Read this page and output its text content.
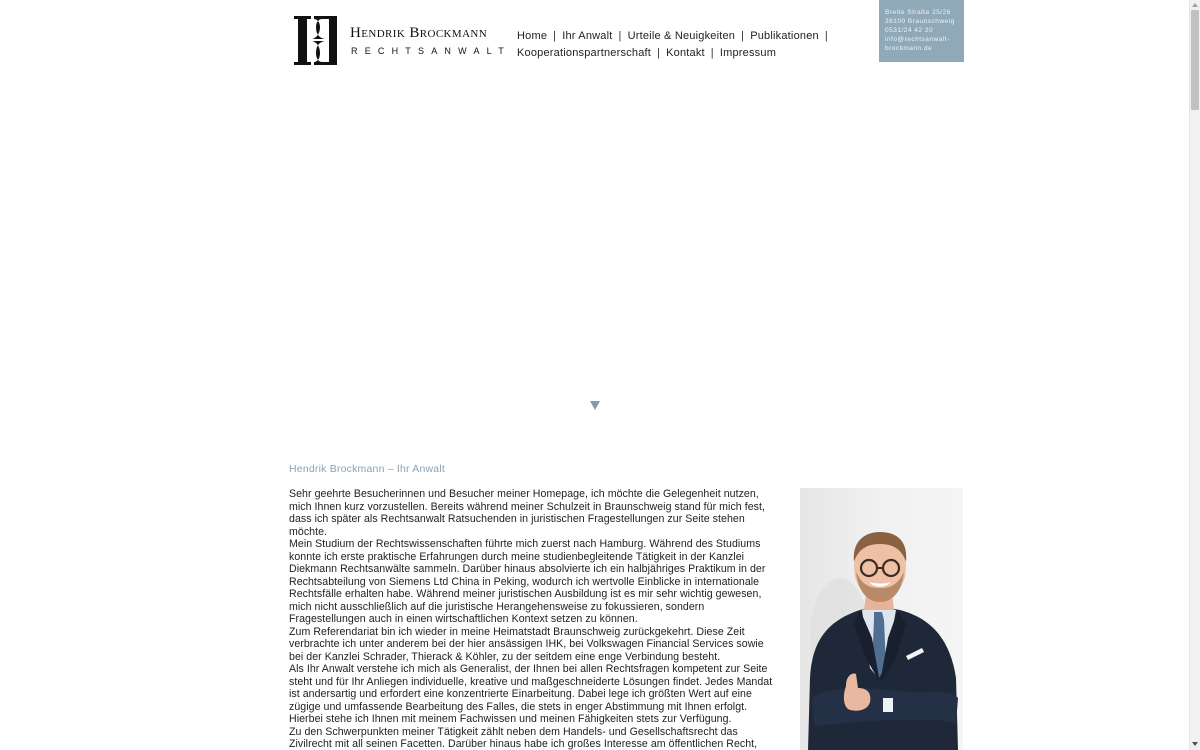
Hendrik Brockmann
RECHTSANWALT
Home | Ihr Anwalt | Urteile & Neuigkeiten | Publikationen |
Kooperationspartnerschaft | Kontakt | Impressum
Breite Straße 25/26
38100 Braunschweig
0531/24 42 20
info@rechtsanwalt-
brockmann.de
Hendrik Brockmann – Ihr Anwalt

Sehr geehrte Besucherinnen und Besucher meiner Homepage, ich möchte die Gelegenheit nutzen, mich Ihnen kurz vorzustellen. Bereits während meiner Schulzeit in Braunschweig stand für mich fest, dass ich später als Rechtsanwalt Ratsuchenden in juristischen Fragestellungen zur Seite stehen möchte.

Mein Studium der Rechtswissenschaften führte mich zuerst nach Hamburg. Während des Studiums konnte ich erste praktische Erfahrungen durch meine studienbegleitende Tätigkeit in der Kanzlei Diekmann Rechtsanwälte sammeln. Darüber hinaus absolvierte ich ein halbjähriges Praktikum in der Rechtsabteilung von Siemens Ltd China in Peking, wodurch ich wertvolle Einblicke in internationale Rechtsfälle erhalten habe. Während meiner juristischen Ausbildung ist es mir sehr wichtig gewesen, mich nicht ausschließlich auf die juristische Herangehensweise zu fokussieren, sondern Fragestellungen auch in einen wirtschaftlichen Kontext setzen zu können.

Zum Referendariat bin ich wieder in meine Heimatstadt Braunschweig zurückgekehrt. Diese Zeit verbrachte ich unter anderem bei der hier ansässigen IHK, bei Volkswagen Financial Services sowie bei der Kanzlei Schrader, Thierack & Köhler, zu der seitdem eine enge Verbindung besteht.

Als Ihr Anwalt verstehe ich mich als Generalist, der Ihnen bei allen Rechtsfragen kompetent zur Seite steht und für Ihr Anliegen individuelle, kreative und maßgeschneiderte Lösungen findet. Jedes Mandat ist andersartig und erfordert eine konzentrierte Einarbeitung. Dabei lege ich größten Wert auf eine zügige und umfassende Bearbeitung des Falles, die stets in enger Abstimmung mit Ihnen erfolgt. Hierbei stehe ich Ihnen mit meinem Fachwissen und meinen Fähigkeiten stets zur Verfügung.

Zu den Schwerpunkten meiner Tätigkeit zählt neben dem Handels- und Gesellschaftsrecht das Zivilrecht mit all seinen Facetten. Darüber hinaus habe ich großes Interesse am öffentlichen Recht,
